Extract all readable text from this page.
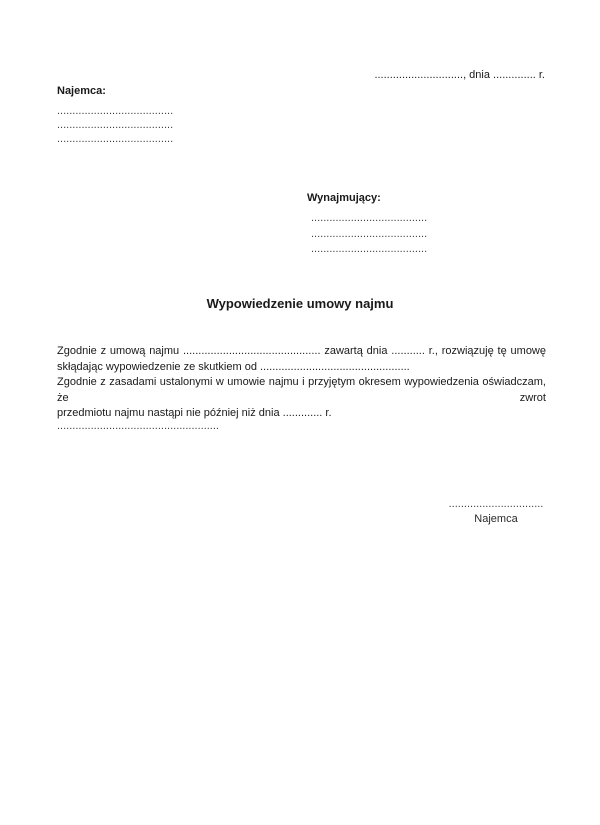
............................., dnia .............. r.
Najemca:
......................................
......................................
......................................
Wynajmujący:
......................................
......................................
......................................
Wypowiedzenie umowy najmu
Zgodnie z umową najmu ............................................. zawartą dnia ........... r., rozwiązuję tę umowę
skłądając wypowiedzenie ze skutkiem od .................................................
Zgodnie z zasadami ustalonymi w umowie najmu i przyjętym okresem wypowiedzenia oświadczam, że zwrot
przedmiotu najmu nastąpi nie później niż dnia ............. r.
.....................................................
...............................
Najemca
